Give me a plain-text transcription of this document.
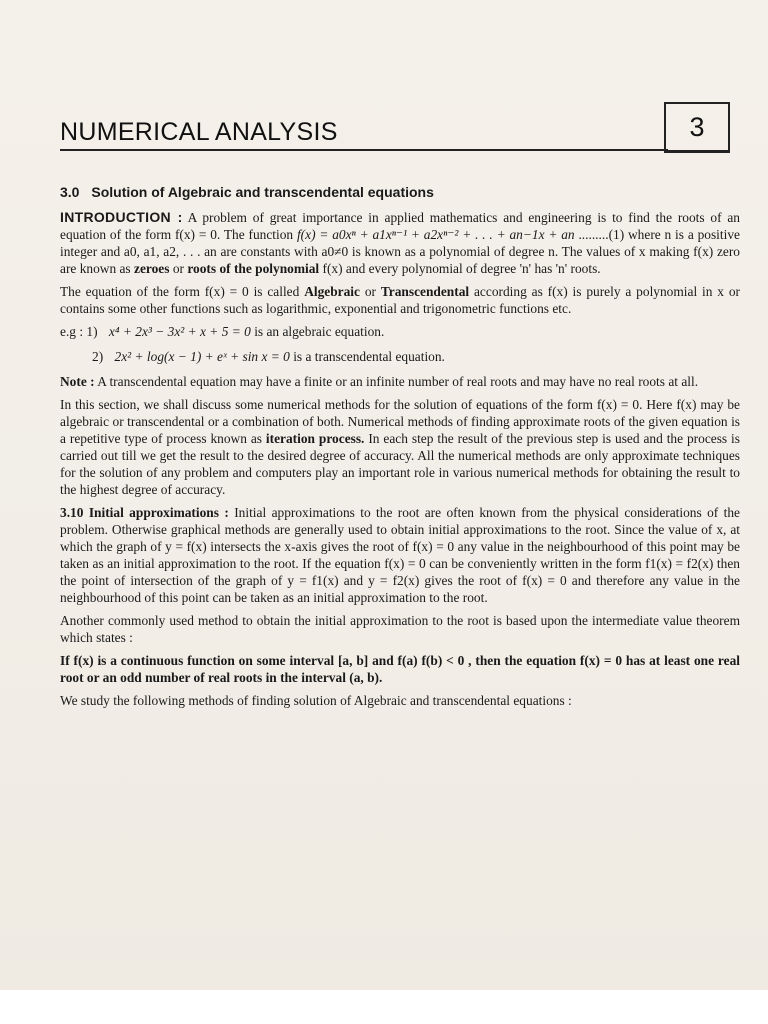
NUMERICAL ANALYSIS	3
3.0 Solution of Algebraic and transcendental equations

INTRODUCTION : A problem of great importance in applied mathematics and engineering is to find the roots of an equation of the form f(x) = 0. The function f(x) = a0xⁿ + a1xⁿ⁻¹ + a2xⁿ⁻² + . . . + an−1x + an .........(1) where n is a positive integer and a0, a1, a2, . . . an are constants with a0≠0 is known as a polynomial of degree n. The values of x making f(x) zero are known as zeroes or roots of the polynomial f(x) and every polynomial of degree 'n' has 'n' roots.

The equation of the form f(x) = 0 is called Algebraic or Transcendental according as f(x) is purely a polynomial in x or contains some other functions such as logarithmic, exponential and trigonometric functions etc.

e.g : 1) x⁴ + 2x³ − 3x² + x + 5 = 0 is an algebraic equation.
2) 2x² + log(x − 1) + eˣ + sin x = 0 is a transcendental equation.

Note : A transcendental equation may have a finite or an infinite number of real roots and may have no real roots at all.

In this section, we shall discuss some numerical methods for the solution of equations of the form f(x) = 0. Here f(x) may be algebraic or transcendental or a combination of both. Numerical methods of finding approximate roots of the given equation is a repetitive type of process known as iteration process. In each step the result of the previous step is used and the process is carried out till we get the result to the desired degree of accuracy. All the numerical methods are only approximate techniques for the solution of any problem and computers play an important role in various numerical methods for obtaining the result to the highest degree of accuracy.

3.10 Initial approximations : Initial approximations to the root are often known from the physical considerations of the problem. Otherwise graphical methods are generally used to obtain initial approximations to the root. Since the value of x, at which the graph of y = f(x) intersects the x-axis gives the root of f(x) = 0 any value in the neighbourhood of this point may be taken as an initial approximation to the root. If the equation f(x) = 0 can be conveniently written in the form f1(x) = f2(x) then the point of intersection of the graph of y = f1(x) and y = f2(x) gives the root of f(x) = 0 and therefore any value in the neighbourhood of this point can be taken as an initial approximation to the root.

Another commonly used method to obtain the initial approximation to the root is based upon the intermediate value theorem which states :

If f(x) is a continuous function on some interval [a, b] and f(a) f(b) < 0 , then the equation f(x) = 0 has at least one real root or an odd number of real roots in the interval (a, b).

We study the following methods of finding solution of Algebraic and transcendental equations :
